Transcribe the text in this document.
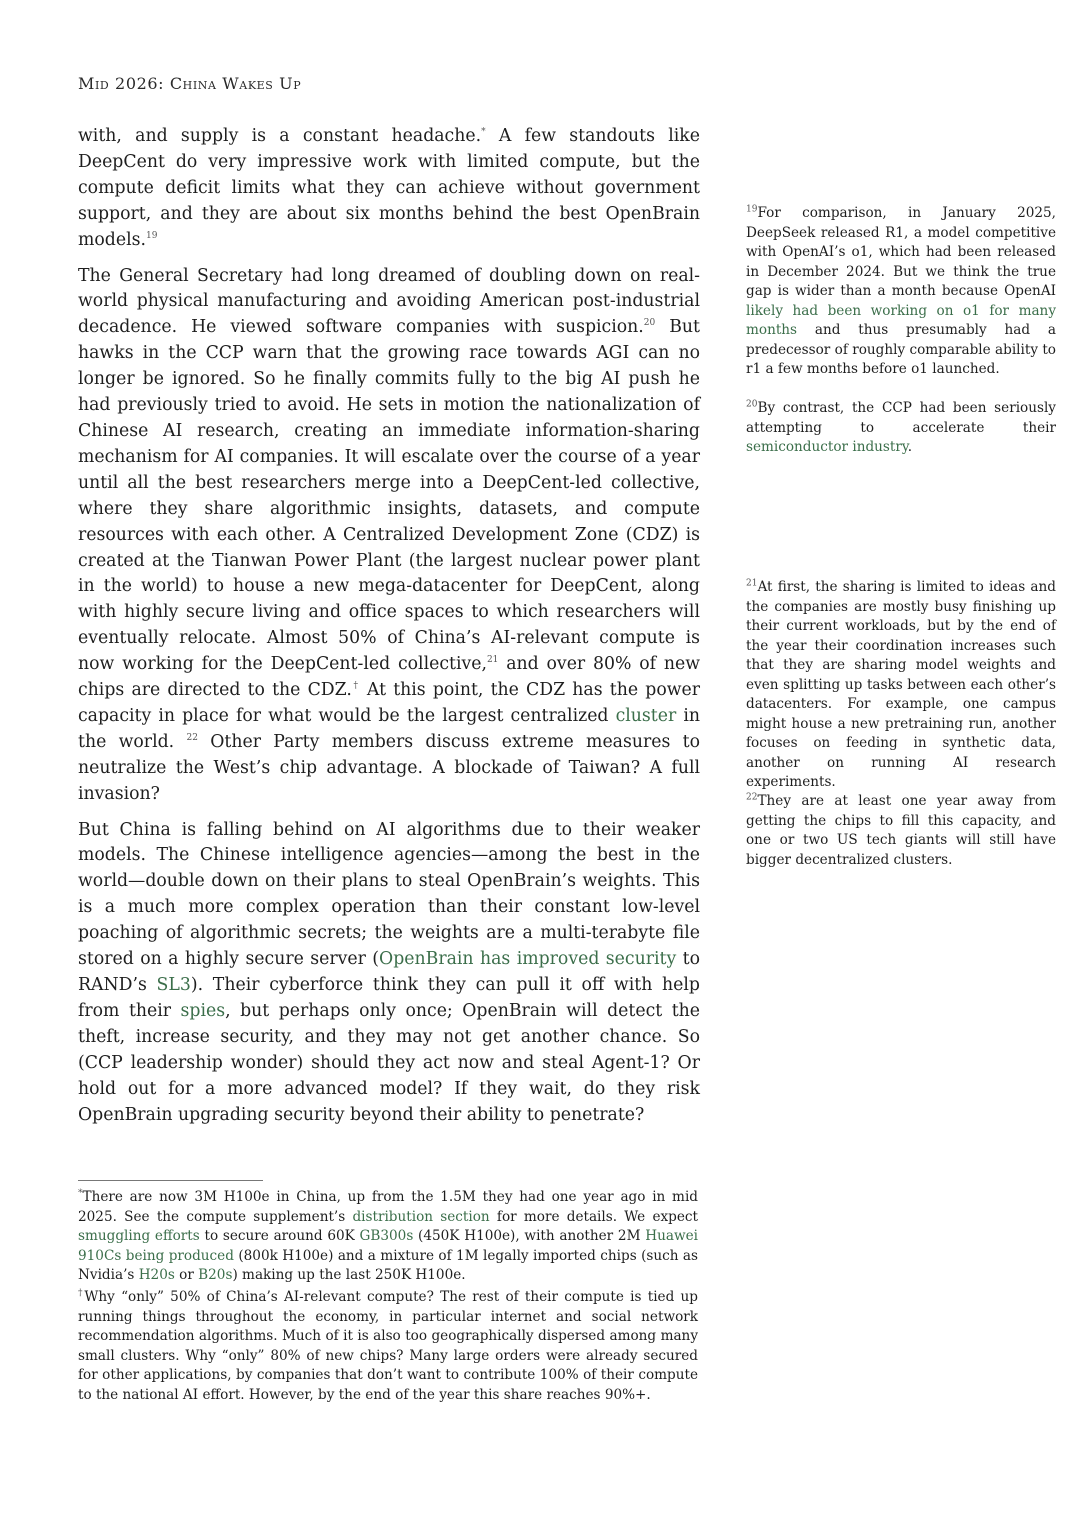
Mid 2026: China Wakes Up

with, and supply is a constant headache.* A few standouts like DeepCent do very impressive work with limited compute, but the compute deficit limits what they can achieve without government support, and they are about six months behind the best OpenBrain models.$^{19}$

The General Secretary had long dreamed of doubling down on real-world physical manufacturing and avoiding American post-industrial decadence. He viewed software companies with suspicion.$^{20}$ But hawks in the CCP warn that the growing race towards AGI can no longer be ignored. So he finally commits fully to the big AI push he had previously tried to avoid. He sets in motion the nationalization of Chinese AI research, creating an immediate information-sharing mechanism for AI companies. It will escalate over the course of a year until all the best researchers merge into a DeepCent-led collective, where they share algorithmic insights, datasets, and compute resources with each other. A Centralized Development Zone (CDZ) is created at the Tianwan Power Plant (the largest nuclear power plant in the world) to house a new mega-datacenter for DeepCent, along with highly secure living and office spaces to which researchers will eventually relocate. Almost 50% of China’s AI-relevant compute is now working for the DeepCent-led collective,$^{21}$ and over 80% of new chips are directed to the CDZ.† At this point, the CDZ has the power capacity in place for what would be the largest centralized cluster in the world. $^{22}$ Other Party members discuss extreme measures to neutralize the West’s chip advantage. A blockade of Taiwan? A full invasion?

But China is falling behind on AI algorithms due to their weaker models. The Chinese intelligence agencies—among the best in the world—double down on their plans to steal OpenBrain’s weights. This is a much more complex operation than their constant low-level poaching of algorithmic secrets; the weights are a multi-terabyte file stored on a highly secure server (OpenBrain has improved security to RAND’s SL3). Their cyberforce think they can pull it off with help from their spies, but perhaps only once; OpenBrain will detect the theft, increase security, and they may not get another chance. So (CCP leadership wonder) should they act now and steal Agent-1? Or hold out for a more advanced model? If they wait, do they risk OpenBrain upgrading security beyond their ability to penetrate?

$^{19}$For comparison, in January 2025, DeepSeek released R1, a model competitive with OpenAI’s o1, which had been released in December 2024. But we think the true gap is wider than a month because OpenAI likely had been working on o1 for many months and thus presumably had a predecessor of roughly comparable ability to r1 a few months before o1 launched.

$^{20}$By contrast, the CCP had been seriously attempting to accelerate their semiconductor industry.

$^{21}$At first, the sharing is limited to ideas and the companies are mostly busy finishing up their current workloads, but by the end of the year their coordination increases such that they are sharing model weights and even splitting up tasks between each other’s datacenters. For example, one campus might house a new pretraining run, another focuses on feeding in synthetic data, another on running AI research experiments.

$^{22}$They are at least one year away from getting the chips to fill this capacity, and one or two US tech giants will still have bigger decentralized clusters.

*There are now 3M H100e in China, up from the 1.5M they had one year ago in mid 2025. See the compute supplement’s distribution section for more details. We expect smuggling efforts to secure around 60K GB300s (450K H100e), with another 2M Huawei 910Cs being produced (800k H100e) and a mixture of 1M legally imported chips (such as Nvidia’s H20s or B20s) making up the last 250K H100e.

†Why “only” 50% of China’s AI-relevant compute? The rest of their compute is tied up running things throughout the economy, in particular internet and social network recommendation algorithms. Much of it is also too geographically dispersed among many small clusters. Why “only” 80% of new chips? Many large orders were already secured for other applications, by companies that don’t want to contribute 100% of their compute to the national AI effort. However, by the end of the year this share reaches 90%+.
